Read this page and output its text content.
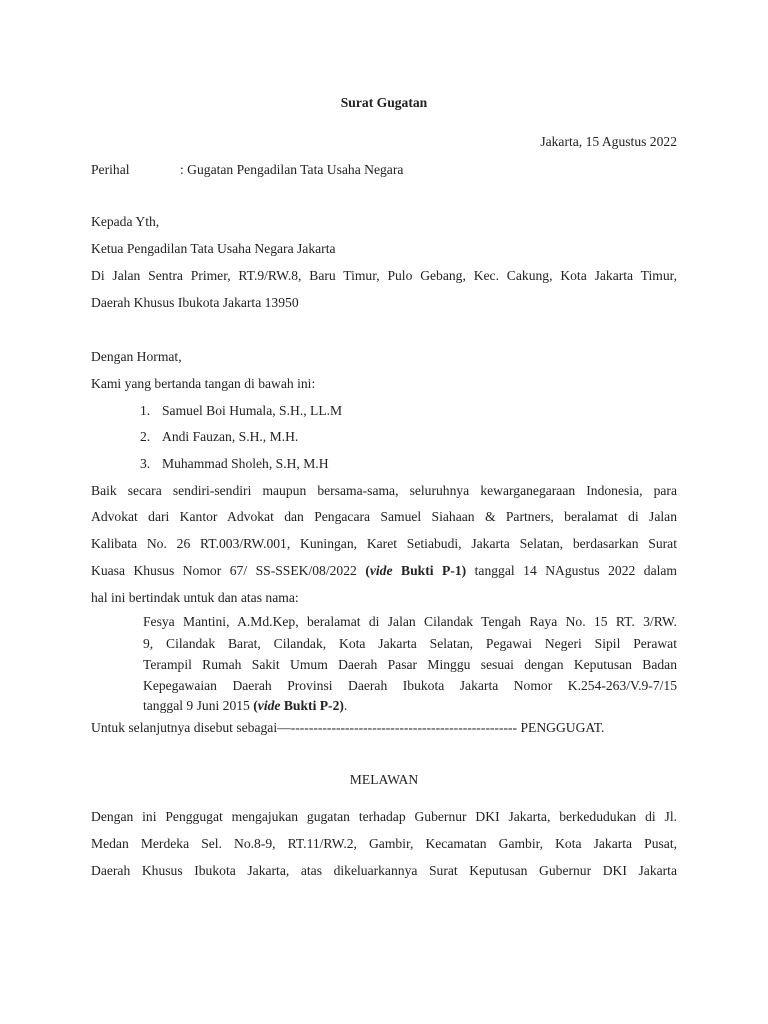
Surat Gugatan
Jakarta, 15 Agustus 2022
Perihal	: Gugatan Pengadilan Tata Usaha Negara
Kepada Yth,
Ketua Pengadilan Tata Usaha Negara Jakarta
Di Jalan Sentra Primer, RT.9/RW.8, Baru Timur, Pulo Gebang, Kec. Cakung, Kota Jakarta Timur,
Daerah Khusus Ibukota Jakarta 13950
Dengan Hormat,
Kami yang bertanda tangan di bawah ini:
1. Samuel Boi Humala, S.H., LL.M
2. Andi Fauzan, S.H., M.H.
3. Muhammad Sholeh, S.H, M.H
Baik secara sendiri-sendiri maupun bersama-sama, seluruhnya kewarganegaraan Indonesia, para
Advokat dari Kantor Advokat dan Pengacara Samuel Siahaan & Partners, beralamat di Jalan
Kalibata No. 26 RT.003/RW.001, Kuningan, Karet Setiabudi, Jakarta Selatan, berdasarkan Surat
Kuasa Khusus Nomor 67/ SS-SSEK/08/2022 (vide Bukti P-1) tanggal 14 NAgustus 2022 dalam
hal ini bertindak untuk dan atas nama:
Fesya Mantini, A.Md.Kep, beralamat di Jalan Cilandak Tengah Raya No. 15 RT. 3/RW.
9, Cilandak Barat, Cilandak, Kota Jakarta Selatan, Pegawai Negeri Sipil Perawat
Terampil Rumah Sakit Umum Daerah Pasar Minggu sesuai dengan Keputusan Badan
Kepegawaian Daerah Provinsi Daerah Ibukota Jakarta Nomor K.254-263/V.9-7/15
tanggal 9 Juni 2015 (vide Bukti P-2).
Untuk selanjutnya disebut sebagai—-------------------------------------------------- PENGGUGAT.
MELAWAN
Dengan ini Penggugat mengajukan gugatan terhadap Gubernur DKI Jakarta, berkedudukan di Jl.
Medan Merdeka Sel. No.8-9, RT.11/RW.2, Gambir, Kecamatan Gambir, Kota Jakarta Pusat,
Daerah Khusus Ibukota Jakarta, atas dikeluarkannya Surat Keputusan Gubernur DKI Jakarta
